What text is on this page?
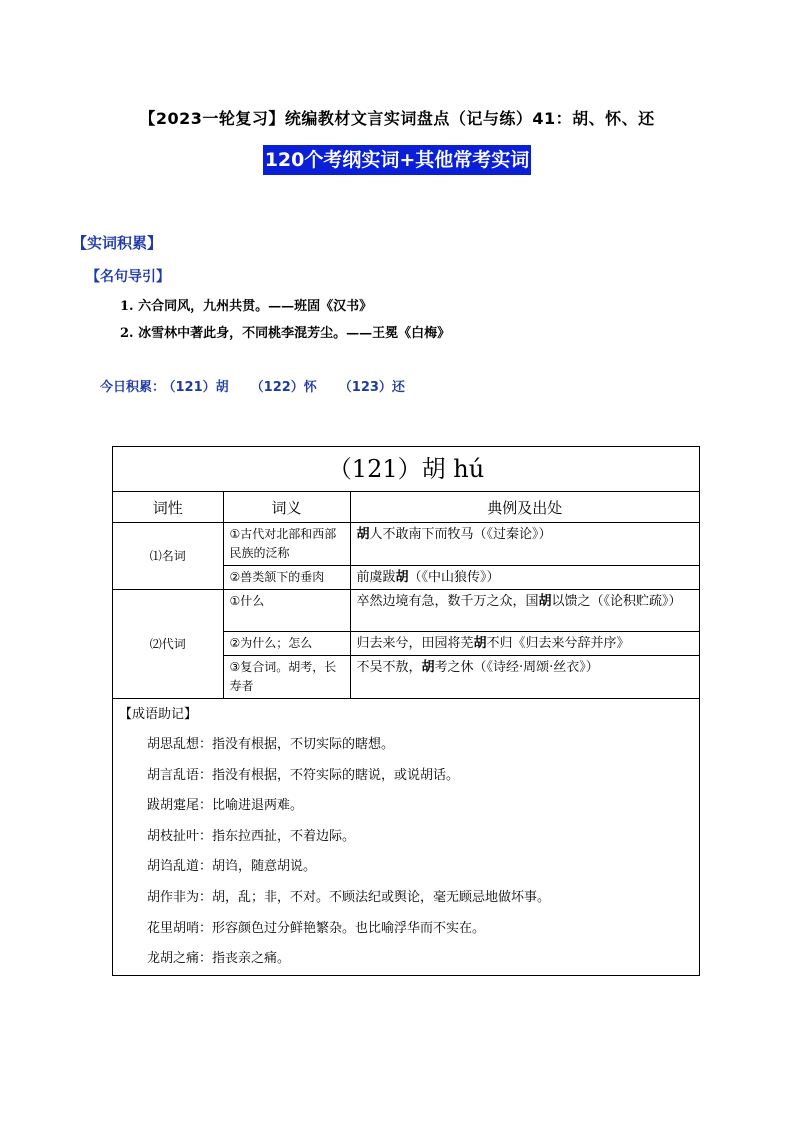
【2023一轮复习】统编教材文言实词盘点（记与练）41：胡、怀、还
120个考纲实词+其他常考实词
【实词积累】
【名句导引】
1. 六合同风，九州共贯。——班固《汉书》
2. 冰雪林中著此身，不同桃李混芳尘。——王冕《白梅》
今日积累： （121）胡 （122）怀 （123）还
（121）胡 hú
词性	词义	典例及出处
⑴名词	①古代对北部和西部民族的泛称	胡人不敢南下而牧马（《过秦论》）
	②兽类颔下的垂肉	前虞跋胡（《中山狼传》）
⑵代词	①什么	卒然边境有急，数千万之众，国胡以馈之（《论积贮疏》）
	②为什么；怎么	归去来兮，田园将芜胡不归《归去来兮辞并序》
	③复合词。胡考，长寿者	不吴不敖，胡考之休（《诗经·周颂·丝衣》）
【成语助记】
胡思乱想：指没有根据，不切实际的瞎想。
胡言乱语：指没有根据，不符实际的瞎说，或说胡话。
跋胡疐尾：比喻进退两难。
胡枝扯叶：指东拉西扯，不着边际。
胡诌乱道：胡诌，随意胡说。
胡作非为：胡，乱；非，不对。不顾法纪或舆论，毫无顾忌地做坏事。
花里胡哨：形容颜色过分鲜艳繁杂。也比喻浮华而不实在。
龙胡之痛：指丧亲之痛。
